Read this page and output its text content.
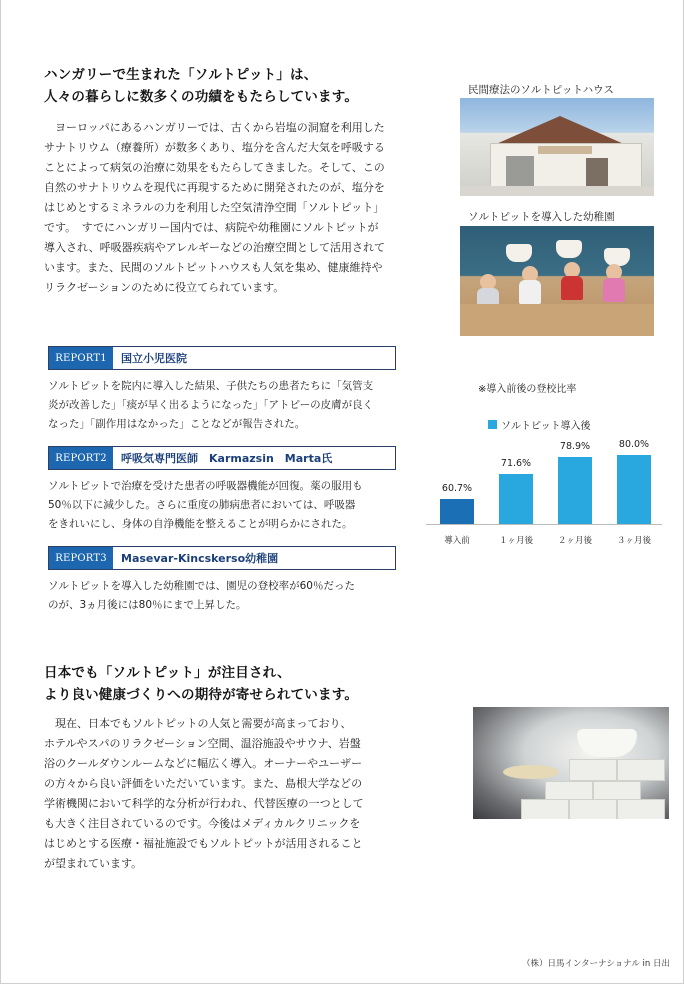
ハンガリーで生まれた「ソルトピット」は、
人々の暮らしに数多くの功績をもたらしています。
　ヨーロッパにあるハンガリーでは、古くから岩塩の洞窟を利用した
サナトリウム（療養所）が数多くあり、塩分を含んだ大気を呼吸する
ことによって病気の治療に効果をもたらしてきました。そして、この
自然のサナトリウムを現代に再現するために開発されたのが、塩分を
はじめとするミネラルの力を利用した空気清浄空間「ソルトピット」
です。　すでにハンガリー国内では、病院や幼稚園にソルトピットが
導入され、呼吸器疾病やアレルギーなどの治療空間として活用されて
います。また、民間のソルトピットハウスも人気を集め、健康維持や
リラクゼーションのために役立てられています。
民間療法のソルトピットハウス
ソルトピットを導入した幼稚園
REPORT1	国立小児医院
ソルトピットを院内に導入した結果、子供たちの患者たちに「気管支
炎が改善した」「痰が早く出るようになった」「アトピーの皮膚が良く
なった」「副作用はなかった」ことなどが報告された。
REPORT2	呼吸気専門医師　Karmazsin　Marta氏
ソルトピットで治療を受けた患者の呼吸器機能が回復。薬の服用も
50％以下に減少した。さらに重度の肺病患者においては、呼吸器
をきれいにし、身体の自浄機能を整えることが明らかにされた。
REPORT3	Masevar-Kincskerso幼稚園
ソルトピットを導入した幼稚園では、園児の登校率が60％だった
のが、3ヵ月後には80％にまで上昇した。
※導入前後の登校比率
ソルトピット導入後
60.7%
導入前
71.6%
１ヶ月後
78.9%
２ヶ月後
80.0%
３ヶ月後
日本でも「ソルトピット」が注目され、
より良い健康づくりへの期待が寄せられています。
　現在、日本でもソルトピットの人気と需要が高まっており、
ホテルやスパのリラクゼーション空間、温浴施設やサウナ、岩盤
浴のクールダウンルームなどに幅広く導入。オーナーやユーザー
の方々から良い評価をいただいています。また、島根大学などの
学術機関において科学的な分析が行われ、代替医療の一つとして
も大きく注目されているのです。今後はメディカルクリニックを
はじめとする医療・福祉施設でもソルトピットが活用されること
が望まれています。
（株）日馬インターナショナル in 日出
